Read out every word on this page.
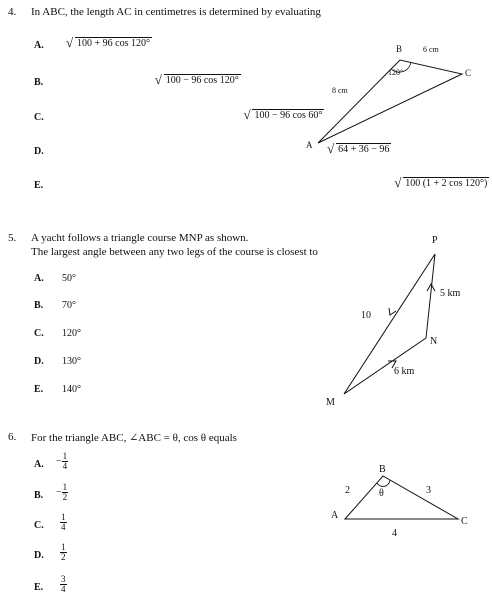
4. In ABC, the length AC in centimetres is determined by evaluating
A. √ 100 + 96 cos 120°
B.	√ 100 − 96 cos 120°
C.	√ 100 − 96 cos 60°
D.	√ 64 + 36 − 96
E.	√ 100 (1 + 2 cos 120°)
A
B
C
120°
8 cm
6 cm
5. A yacht follows a triangle course MNP as shown.
The largest angle between any two legs of the course is closest to
A. 50°
B. 70°
C. 120°
D. 130°
E. 140°
P
N
M
5 km
6 km
10
6. For the triangle ABC, ∠ABC = θ, cos θ equals
A. − $\frac{1}{4}$
B. − $\frac{1}{2}$
C. $\frac{1}{4}$
D. $\frac{1}{2}$
E. $\frac{3}{4}$
A
B
C
θ
2	3
4
